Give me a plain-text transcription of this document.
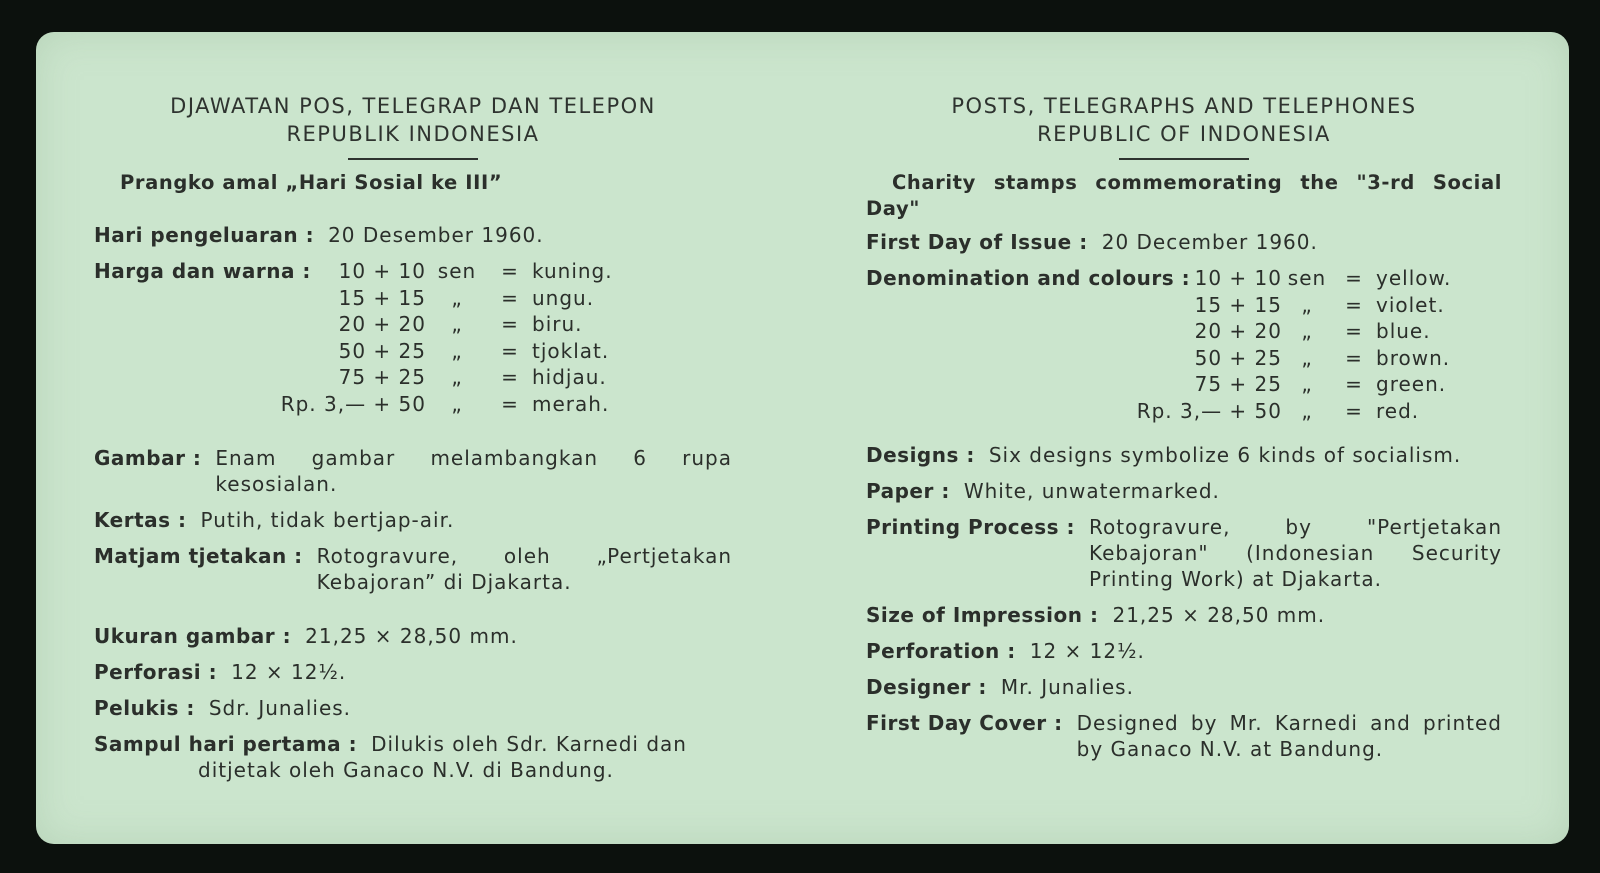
DJAWATAN POS, TELEGRAP DAN TELEPON
REPUBLIK INDONESIA
Prangko amal „Hari Sosial ke III”
Hari pengeluaran : 20 Desember 1960.
Harga dan warna :	10 + 10 sen	= kuning.
15 + 15	„	= ungu.
20 + 20	„	= biru.
50 + 25	„	= tjoklat.
75 + 25	„	= hidjau.
Rp. 3,— + 50	„	= merah.
Gambar : Enam gambar melambangkan 6 rupa kesosialan.
Kertas : Putih, tidak bertjap-air.
Matjam tjetakan : Rotogravure, oleh „Pertjetakan Kebajoran” di Djakarta.
Ukuran gambar : 21,25 × 28,50 mm.
Perforasi : 12 × 12½.
Pelukis : Sdr. Junalies.
Sampul hari pertama : Dilukis oleh Sdr. Karnedi dan
ditjetak oleh Ganaco N.V. di Bandung.
POSTS, TELEGRAPHS AND TELEPHONES
REPUBLIC OF INDONESIA
Charity stamps commemorating the "3-rd Social Day"
First Day of Issue : 20 December 1960.
Denomination and colours : 10 + 10 sen = yellow.
15 + 15 „	= violet.
20 + 20 „	= blue.
50 + 25 „	= brown.
75 + 25 „	= green.
Rp. 3,— + 50 „	= red.
Designs : Six designs symbolize 6 kinds of socialism.
Paper : White, unwatermarked.
Printing Process : Rotogravure, by "Pertjetakan Kebajoran" (Indonesian Security Printing Work) at Djakarta.
Size of Impression : 21,25 × 28,50 mm.
Perforation : 12 × 12½.
Designer : Mr. Junalies.
First Day Cover : Designed by Mr. Karnedi and printed by Ganaco N.V. at Bandung.
